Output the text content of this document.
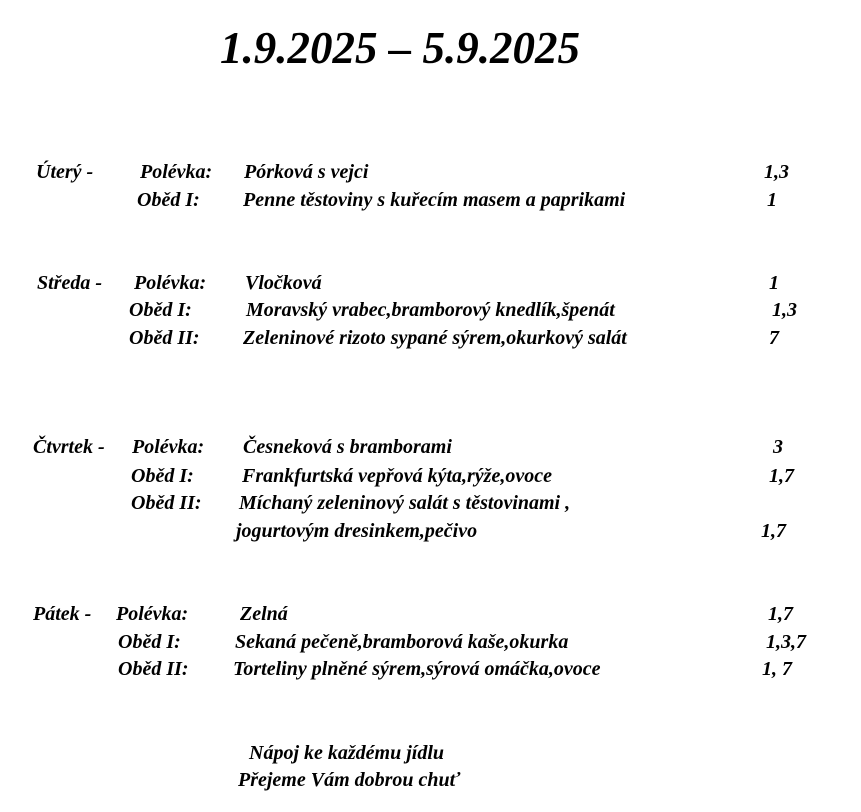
1.9.2025 – 5.9.2025
Úterý - Polévka: Pórková s vejci	1,3
Oběd I: Penne těstoviny s kuřecím masem a paprikami	1
Středa - Polévka: Vločková	1
Oběd I:	Moravský vrabec,bramborový knedlík,špenát	1,3
Oběd II: Zeleninové rizoto sypané sýrem,okurkový salát	7
Čtvrtek - Polévka: Česneková s bramborami	3
Oběd I: Frankfurtská vepřová kýta,rýže,ovoce	1,7
Oběd II: Míchaný zeleninový salát s těstovinami ,
jogurtovým dresinkem,pečivo	1,7
Pátek - Polévka:	Zelná	1,7
Oběd I:	Sekaná pečeně,bramborová kaše,okurka	1,3,7
Oběd II: Torteliny plněné sýrem,sýrová omáčka,ovoce	1, 7
Nápoj ke každému jídlu
Přejeme Vám dobrou chuť
